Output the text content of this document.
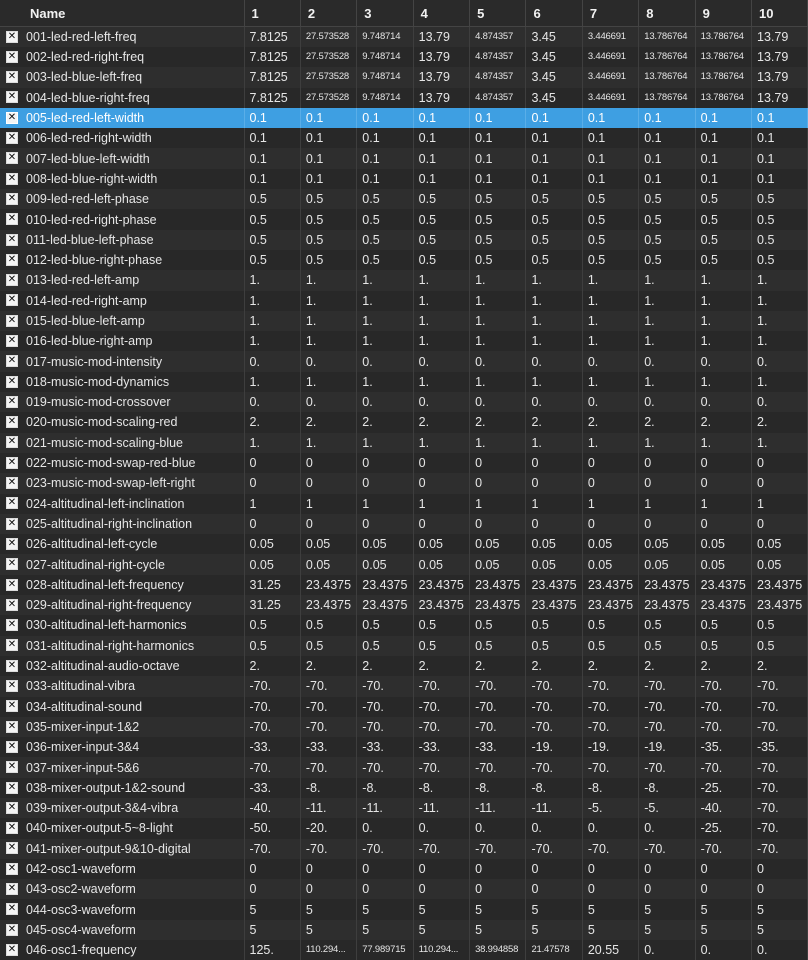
Name	1	2	3	4	5	6	7	8	9	10
✕ 001-led-red-left-freq	7.8125	27.573528	9.748714	13.79	4.874357	3.45	3.446691	13.786764	13.786764	13.79
✕ 002-led-red-right-freq	7.8125	27.573528	9.748714	13.79	4.874357	3.45	3.446691	13.786764	13.786764	13.79
✕ 003-led-blue-left-freq	7.8125	27.573528	9.748714	13.79	4.874357	3.45	3.446691	13.786764	13.786764	13.79
✕ 004-led-blue-right-freq	7.8125	27.573528	9.748714	13.79	4.874357	3.45	3.446691	13.786764	13.786764	13.79
✕ 005-led-red-left-width	0.1	0.1	0.1	0.1	0.1	0.1	0.1	0.1	0.1	0.1
✕ 006-led-red-right-width	0.1	0.1	0.1	0.1	0.1	0.1	0.1	0.1	0.1	0.1
✕ 007-led-blue-left-width	0.1	0.1	0.1	0.1	0.1	0.1	0.1	0.1	0.1	0.1
✕ 008-led-blue-right-width	0.1	0.1	0.1	0.1	0.1	0.1	0.1	0.1	0.1	0.1
✕ 009-led-red-left-phase	0.5	0.5	0.5	0.5	0.5	0.5	0.5	0.5	0.5	0.5
✕ 010-led-red-right-phase	0.5	0.5	0.5	0.5	0.5	0.5	0.5	0.5	0.5	0.5
✕ 011-led-blue-left-phase	0.5	0.5	0.5	0.5	0.5	0.5	0.5	0.5	0.5	0.5
✕ 012-led-blue-right-phase	0.5	0.5	0.5	0.5	0.5	0.5	0.5	0.5	0.5	0.5
✕ 013-led-red-left-amp	1.	1.	1.	1.	1.	1.	1.	1.	1.	1.
✕ 014-led-red-right-amp	1.	1.	1.	1.	1.	1.	1.	1.	1.	1.
✕ 015-led-blue-left-amp	1.	1.	1.	1.	1.	1.	1.	1.	1.	1.
✕ 016-led-blue-right-amp	1.	1.	1.	1.	1.	1.	1.	1.	1.	1.
✕ 017-music-mod-intensity	0.	0.	0.	0.	0.	0.	0.	0.	0.	0.
✕ 018-music-mod-dynamics	1.	1.	1.	1.	1.	1.	1.	1.	1.	1.
✕ 019-music-mod-crossover	0.	0.	0.	0.	0.	0.	0.	0.	0.	0.
✕ 020-music-mod-scaling-red	2.	2.	2.	2.	2.	2.	2.	2.	2.	2.
✕ 021-music-mod-scaling-blue	1.	1.	1.	1.	1.	1.	1.	1.	1.	1.
✕ 022-music-mod-swap-red-blue	0	0	0	0	0	0	0	0	0	0
✕ 023-music-mod-swap-left-right	0	0	0	0	0	0	0	0	0	0
✕ 024-altitudinal-left-inclination	1	1	1	1	1	1	1	1	1	1
✕ 025-altitudinal-right-inclination	0	0	0	0	0	0	0	0	0	0
✕ 026-altitudinal-left-cycle	0.05	0.05	0.05	0.05	0.05	0.05	0.05	0.05	0.05	0.05
✕ 027-altitudinal-right-cycle	0.05	0.05	0.05	0.05	0.05	0.05	0.05	0.05	0.05	0.05
✕ 028-altitudinal-left-frequency	31.25	23.4375	23.4375	23.4375	23.4375	23.4375	23.4375	23.4375	23.4375	23.4375
✕ 029-altitudinal-right-frequency	31.25	23.4375	23.4375	23.4375	23.4375	23.4375	23.4375	23.4375	23.4375	23.4375
✕ 030-altitudinal-left-harmonics	0.5	0.5	0.5	0.5	0.5	0.5	0.5	0.5	0.5	0.5
✕ 031-altitudinal-right-harmonics	0.5	0.5	0.5	0.5	0.5	0.5	0.5	0.5	0.5	0.5
✕ 032-altitudinal-audio-octave	2.	2.	2.	2.	2.	2.	2.	2.	2.	2.
✕ 033-altitudinal-vibra	-70.	-70.	-70.	-70.	-70.	-70.	-70.	-70.	-70.	-70.
✕ 034-altitudinal-sound	-70.	-70.	-70.	-70.	-70.	-70.	-70.	-70.	-70.	-70.
✕ 035-mixer-input-1&2	-70.	-70.	-70.	-70.	-70.	-70.	-70.	-70.	-70.	-70.
✕ 036-mixer-input-3&4	-33.	-33.	-33.	-33.	-33.	-19.	-19.	-19.	-35.	-35.
✕ 037-mixer-input-5&6	-70.	-70.	-70.	-70.	-70.	-70.	-70.	-70.	-70.	-70.
✕ 038-mixer-output-1&2-sound	-33.	-8.	-8.	-8.	-8.	-8.	-8.	-8.	-25.	-70.
✕ 039-mixer-output-3&4-vibra	-40.	-11.	-11.	-11.	-11.	-11.	-5.	-5.	-40.	-70.
✕ 040-mixer-output-5~8-light	-50.	-20.	0.	0.	0.	0.	0.	0.	-25.	-70.
✕ 041-mixer-output-9&10-digital	-70.	-70.	-70.	-70.	-70.	-70.	-70.	-70.	-70.	-70.
✕ 042-osc1-waveform	0	0	0	0	0	0	0	0	0	0
✕ 043-osc2-waveform	0	0	0	0	0	0	0	0	0	0
✕ 044-osc3-waveform	5	5	5	5	5	5	5	5	5	5
✕ 045-osc4-waveform	5	5	5	5	5	5	5	5	5	5
✕ 046-osc1-frequency	125.	110.294...	77.989715	110.294...	38.994858	21.47578	20.55	0.	0.	0.
